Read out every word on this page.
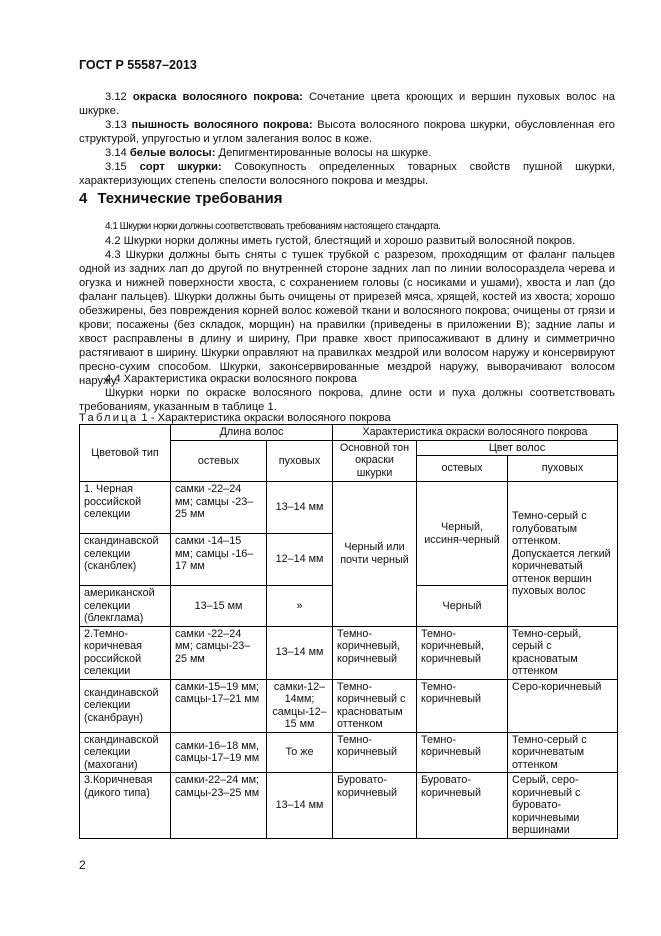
ГОСТ Р 55587–2013

3.12 окраска волосяного покрова: Сочетание цвета кроющих и вершин пуховых волос на шкурке.

3.13 пышность волосяного покрова: Высота волосяного покрова шкурки, обусловленная его структурой, упругостью и углом залегания волос в коже.

3.14 белые волосы: Депигментированные волосы на шкурке.

3.15 сорт шкурки: Совокупность определенных товарных свойств пушной шкурки, характеризующих степень спелости волосяного покрова и мездры.

4 Технические требования

4.1 Шкурки норки должны соответствовать требованиям настоящего стандарта.

4.2 Шкурки норки должны иметь густой, блестящий и хорошо развитый волосяной покров.

4.3 Шкурки должны быть сняты с тушек трубкой с разрезом, проходящим от фаланг пальцев одной из задних лап до другой по внутренней стороне задних лап по линии волосораздела черева и огузка и нижней поверхности хвоста, с сохранением головы (с носиками и ушами), хвоста и лап (до фаланг пальцев). Шкурки должны быть очищены от прирезей мяса, хрящей, костей из хвоста; хорошо обезжирены, без повреждения корней волос кожевой ткани и волосяного покрова; очищены от грязи и крови; посажены (без складок, морщин) на правилки (приведены в приложении В); задние лапы и хвост расправлены в длину и ширину, При правке хвост припосаживают в длину и симметрично растягивают в ширину. Шкурки оправляют на правилках мездрой или волосом наружу и консервируют пресно-сухим способом. Шкурки, законсервированные мездрой наружу, выворачивают волосом наружу.

4.4 Характеристика окраски волосяного покрова

Шкурки норки по окраске волосяного покрова, длине ости и пуха должны соответствовать требованиям, указанным в таблице 1.

Таблица 1 - Характеристика окраски волосяного покрова
Цветовой тип	Длина волос		Характеристика окраски волосяного покрова		
	остевых	пуховых	Основной тон окраски шкурки	Цвет волос	
				остевых	пуховых
1. Черная российской селекции	самки -22–24 мм; самцы -23–25 мм	13–14 мм	Черный или почти черный	Черный, иссиня-черный	Темно-серый с голубоватым оттенком. Допускается легкий коричневатый оттенок вершин пуховых волос
скандинавской селекции (сканблек)	самки -14–15 мм; самцы -16–17 мм	12–14 мм			
американской селекции (блекглама)	13–15 мм	»		Черный	
2.Темно-коричневая российской селекции	самки -22–24 мм; самцы-23–25 мм	13–14 мм	Темно-коричневый, коричневый	Темно-коричневый, коричневый	Темно-серый, серый с красноватым оттенком
скандинавской селекции (сканбраун)	самки-15–19 мм; самцы-17–21 мм	самки-12–14мм; самцы-12–15 мм	Темно-коричневый с красноватым оттенком	Темно-коричневый	Серо-коричневый
скандинавской селекции (махогани)	самки-16–18 мм, самцы-17–19 мм	То же	Темно-коричневый	Темно-коричневый	Темно-серый с коричневатым оттенком
3.Коричневая (дикого типа)	самки-22–24 мм; самцы-23–25 мм	13–14 мм	Буровато-коричневый	Буровато-коричневый	Серый, серо-коричневый с буровато-коричневыми вершинами
2
